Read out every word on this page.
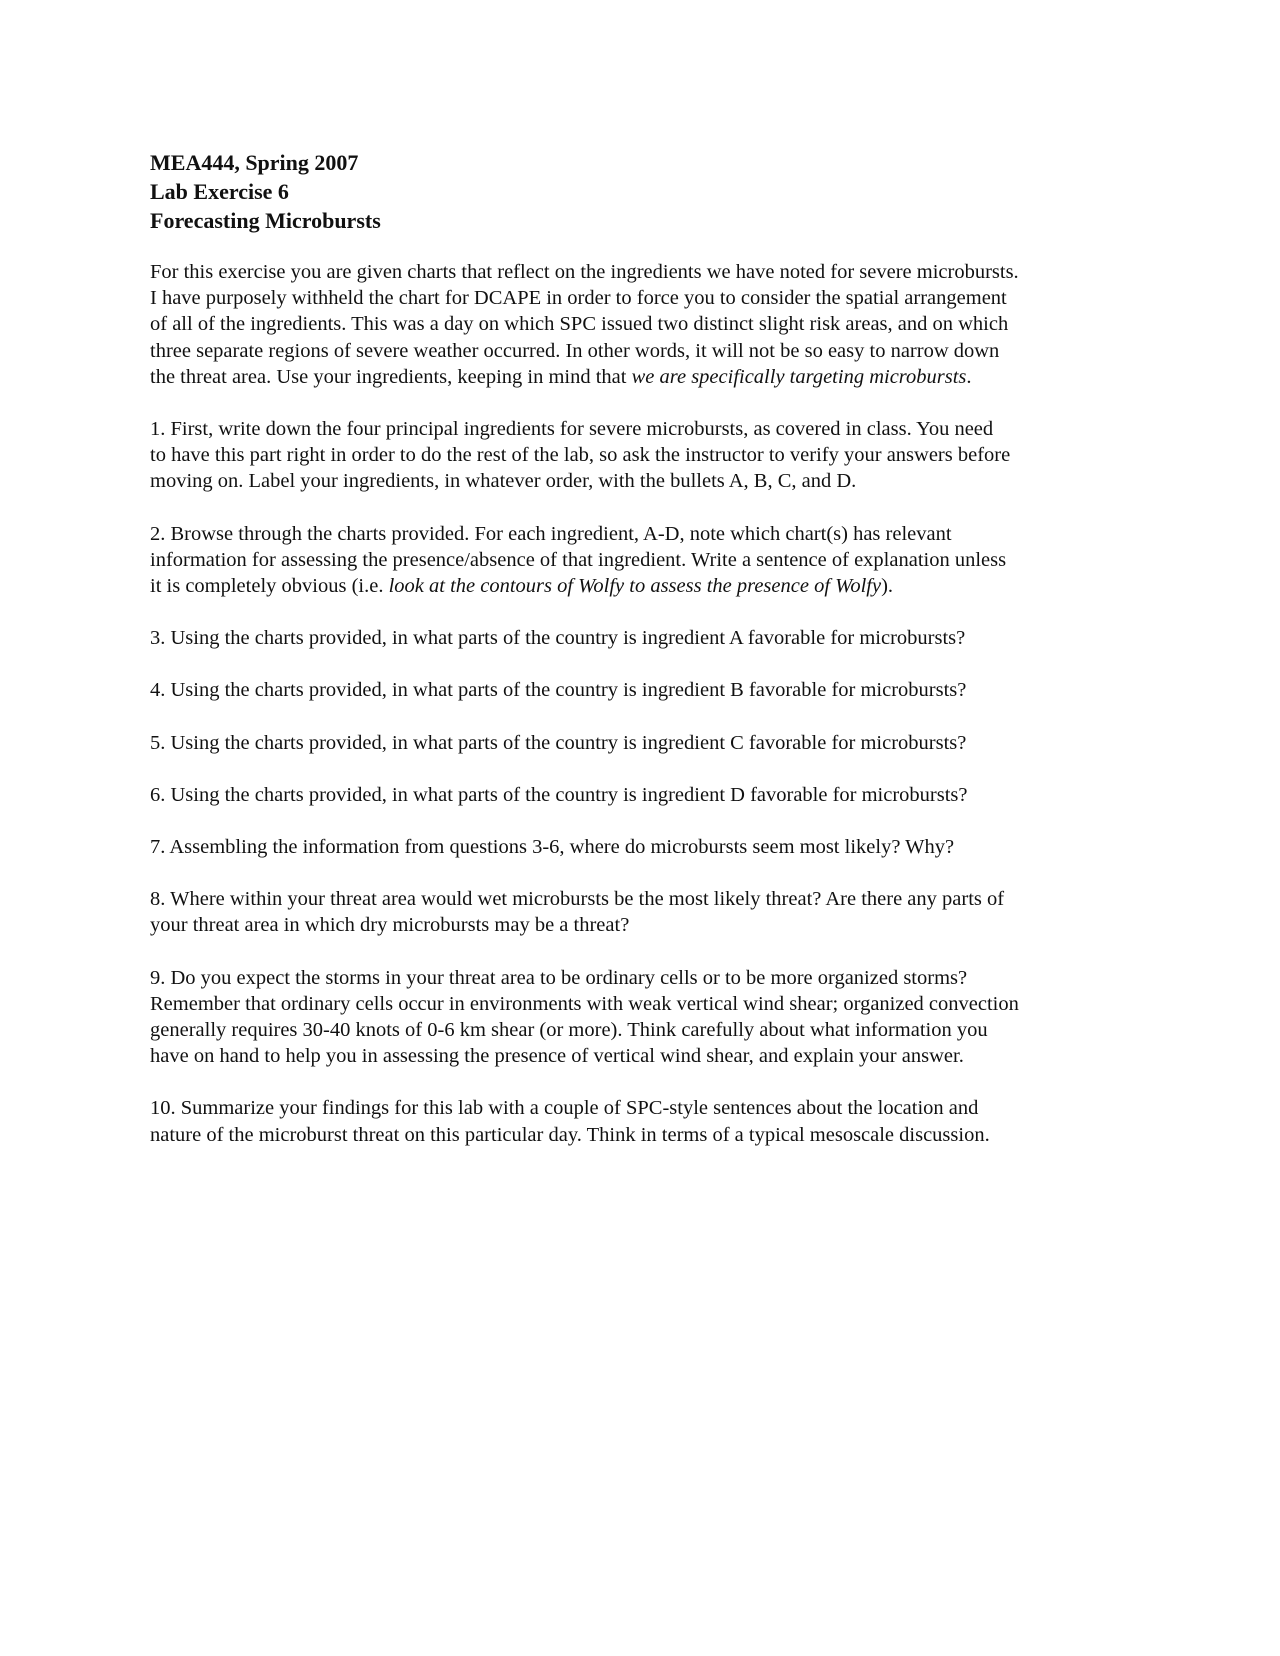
MEA444, Spring 2007

Lab Exercise 6

Forecasting Microbursts

For this exercise you are given charts that reflect on the ingredients we have noted for severe microbursts.
I have purposely withheld the chart for DCAPE in order to force you to consider the spatial arrangement
of all of the ingredients. This was a day on which SPC issued two distinct slight risk areas, and on which
three separate regions of severe weather occurred. In other words, it will not be so easy to narrow down
the threat area. Use your ingredients, keeping in mind that we are specifically targeting microbursts.

1. First, write down the four principal ingredients for severe microbursts, as covered in class. You need
to have this part right in order to do the rest of the lab, so ask the instructor to verify your answers before
moving on. Label your ingredients, in whatever order, with the bullets A, B, C, and D.

2. Browse through the charts provided. For each ingredient, A-D, note which chart(s) has relevant
information for assessing the presence/absence of that ingredient. Write a sentence of explanation unless
it is completely obvious (i.e. look at the contours of Wolfy to assess the presence of Wolfy).

3. Using the charts provided, in what parts of the country is ingredient A favorable for microbursts?

4. Using the charts provided, in what parts of the country is ingredient B favorable for microbursts?

5. Using the charts provided, in what parts of the country is ingredient C favorable for microbursts?

6. Using the charts provided, in what parts of the country is ingredient D favorable for microbursts?

7. Assembling the information from questions 3-6, where do microbursts seem most likely? Why?

8. Where within your threat area would wet microbursts be the most likely threat? Are there any parts of
your threat area in which dry microbursts may be a threat?

9. Do you expect the storms in your threat area to be ordinary cells or to be more organized storms?
Remember that ordinary cells occur in environments with weak vertical wind shear; organized convection
generally requires 30-40 knots of 0-6 km shear (or more). Think carefully about what information you
have on hand to help you in assessing the presence of vertical wind shear, and explain your answer.

10. Summarize your findings for this lab with a couple of SPC-style sentences about the location and
nature of the microburst threat on this particular day. Think in terms of a typical mesoscale discussion.
